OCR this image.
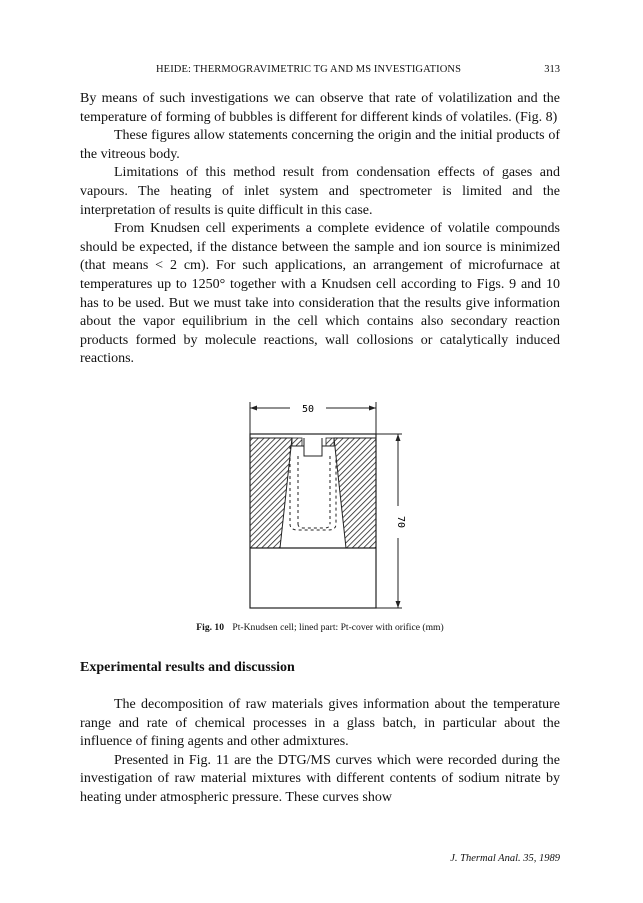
HEIDE: THERMOGRAVIMETRIC TG AND MS INVESTIGATIONS	313

By means of such investigations we can observe that rate of volatilization and the temperature of forming of bubbles is different for different kinds of volatiles. (Fig. 8)

These figures allow statements concerning the origin and the initial products of the vitreous body.

Limitations of this method result from condensation effects of gases and vapours. The heating of inlet system and spectrometer is limited and the interpretation of results is quite difficult in this case.

From Knudsen cell experiments a complete evidence of volatile compounds should be expected, if the distance between the sample and ion source is minimized (that means < 2 cm). For such applications, an arrangement of microfurnace at temperatures up to 1250° together with a Knudsen cell according to Figs. 9 and 10 has to be used. But we must take into consideration that the results give information about the vapor equilibrium in the cell which contains also secondary reaction products formed by molecule reactions, wall collosions or catalytically induced reactions.

50
70
Fig. 10 Pt-Knudsen cell; lined part: Pt-cover with orifice (mm)
Experimental results and discussion

The decomposition of raw materials gives information about the temperature range and rate of chemical processes in a glass batch, in particular about the influence of fining agents and other admixtures.

Presented in Fig. 11 are the DTG/MS curves which were recorded during the investigation of raw material mixtures with different contents of sodium nitrate by heating under atmospheric pressure. These curves show

J. Thermal Anal. 35, 1989
